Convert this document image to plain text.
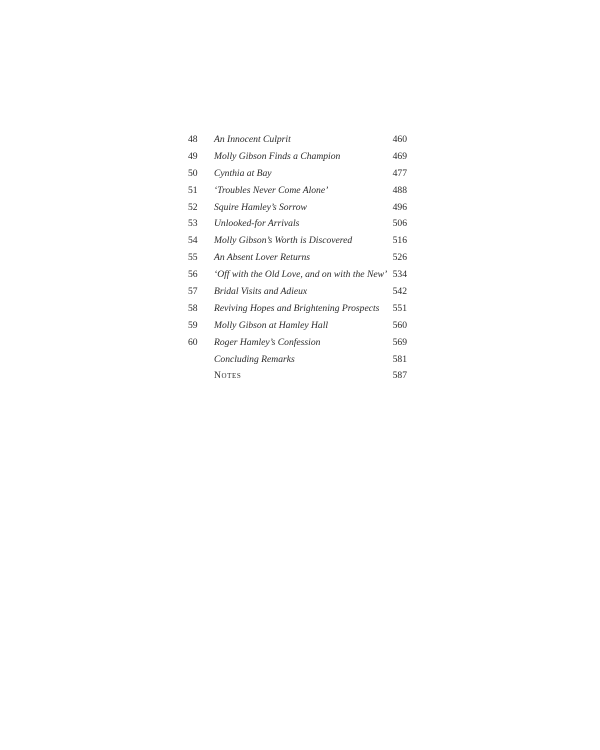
48 An Innocent Culprit	460
49 Molly Gibson Finds a Champion	469
50 Cynthia at Bay	477
51 ‘Troubles Never Come Alone’	488
52 Squire Hamley’s Sorrow	496
53 Unlooked-for Arrivals	506
54 Molly Gibson’s Worth is Discovered	516
55 An Absent Lover Returns	526
56 ‘Off with the Old Love, and on with the New’ 534
57 Bridal Visits and Adieux	542
58 Reviving Hopes and Brightening Prospects 551
59 Molly Gibson at Hamley Hall	560
60 Roger Hamley’s Confession	569
Concluding Remarks	581
Notes	587
